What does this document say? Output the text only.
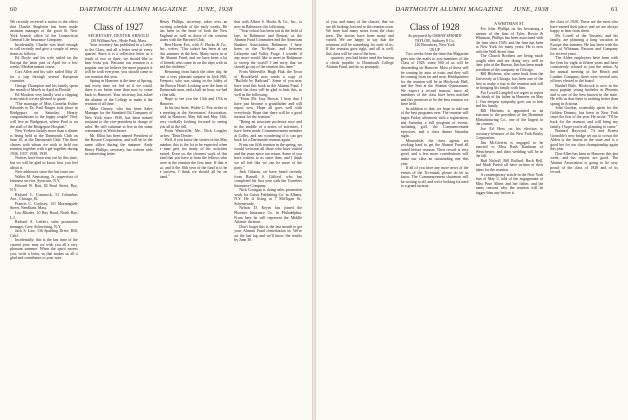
60	DARTMOUTH ALUMNI MAGAZINE JUNE, 1938

We recently received a notice to the effect that Charlie Singleton has been made assistant manager of the good St. New York branch office of the Connecticut General Life Insurance Company.

Incidentally, Charlie was kind enough to call recently and give a couple of news items as follows:

Ed Doyle and his wife sailed on the Europa the latter part of April for a few weeks' Mediterranean cruise.

Cort Allen and his wife sailed May 21 for a trip through several European countries.

George Champion and his family spent the month of March in April in Florida.

Ed Moulton very kindly sent a clipping from which we are pleased to quote:

"The marriage of Miss Cornelia Esther Edwards to Dr. Paul Rutger took place in Bridgeport on Saturday. Hearty congratulations to the happy couple! They will live in Bridgeport, where Paul is on the staff of the Bridgeport Hospital."

New Yorkers luckily more than a dinner is being held at the Dartmouth Club on June 16, at the Dartmouth Club. The three classes with whom we wish to hold our reunion together with a get-together during 1936, 1937, 1938, 1939.

Notices have been sent out by this time, but we will be glad to know how you feel about it.

New addresses since the last issue are:

Walter M. Armstrong, Jr., supervisor of business service, Syracuse, N.Y.

Edward W. Bott, 82 Pearl Street, Rye, N.Y.

Richard C. Comstock, 51 Columbus Ave., Chicago, Ill.

Francis C. Cooksey, 131 Morningside Street, Needham, Mass.

Leo Rhodes, 10 Bay Road, North Bay, L.I.

Richard A. Lettieri, sales promotion manager, Grey Advertising, N.Y.

Jack S. Law, 136 Spalding Drive, Hill, Calif.

Incidentally, this is the last time of the current year; may we wish you all a very pleasant summer. When the spirit moves you, write a letter, as that makes us all a glad and contributes to your note.

Class of 1927
SECRETARY, DEXTER ARNOLD
130 William Ave., Hyde Park, Mass.

Your secretary has published in a Letter to the Class, and all a letter sent in every quarter. Since it is a collective letter as a result of two or three, we should like to hear from you. Because our reunion is a popular one we believe the more popular it will be with everyone, you should come to our reunion this year.

Spring in Hanover is the time of Spring, and every time we feel as if we could, there is no better time than now to come back to Hanover. Your secretary has asked the alumni of the College to make it the reunion of all time.

Mike Cheney, who has been Sales Manager for the Standard Oil Company of New York since 1930, has been named assistant to the vice-president in charge of sales. He will continue to live in the same community in Westchester.

Mr. Elliot has been named President of the Boston Corporation, and will be in the same office during the summer. Andy Henry Phillips, secretary, has written with an interesting letter.

Henry Phillips, secretary, takes over an exciting schedule of the early weeks. He has been in the heart of both the New England as well as those of the western states with the Harvard Club.

Ben Haven Fox, with A. Hucks & Co., Inc., writes: "Our cohort has been at sea this summer in the best. Many more in at the Alumni Fund, and we have been a lot of friends who came in on the trips with us and the children."

Returning from lunch the other day, he met a very pleasant surprise in Jack Hill, Freeport, who was sitting in the lobby of the Brown Hotel. Looking over the lines of Dartmouth men, and a half an hour, we had a fine talk.

Hope to see you the 13th and 17th in Hanover.

In his last letter, Walter C. Fitz writes of a meeting at the Secretaries' Association, held in Hanover, May 6th and May 13th, very cordially looking forward to seeing you all in the fall.

From Waterville, Me., Dick Longley writes: "Dear Dexter:

Well, if you know the stories in the May number, this is the lot to be expected when a man gets too many of his activities mixed. Even so, the cleanest work of this kind that you have is from the fellows who were at the reunion the first time. If that is so, and if the 10th year of the fund is to be a success, I think we should all be on hand."

that with Albert S. Hooks & Co., Inc., is now in Baltimore, the following:

"Your cohort has been out in the field of late, in Baltimore and Boston, as the Alumni Fund Committee and the American Bankers Association, Baltimore. I have been in the Tri-State, and between Lafayette and Valley Forge. I wonder if any more would like to meet in Baltimore to sweep the world? I am sorry that we should go out of the reunion this time."

From Waterville, Hugh Flak, the Town of Brookfield now sends a copy of "Buffalo by Railroad". Some of you may have read this book in the Alumni Fund. I think the class will be glad to hear this, as well as the following:

"From Mr. Guy Brown, I hear that I have just become a grandfather and will report now. Hope all goes well with everybody. Hope that there will be a good turnout for the reunion."

"Being an associate professor now and in the middle of a series of activities, I have been made Commencement member at Colby, and am wondering if it can get back for a Dartmouth reunion again."

From our fifth reunion in the spring, we would welcome all those who have visited and the years since our return. Some of you have written to us since then, and I think we all feel like we can be more of the party."

Jack Gilman, we have heard recently from Russell S. Gifford, who has completed his first year with the Travelers Insurance Company.

Nick Corrigan is doing sales promotion work for Curtis Publishing Co. in Albany, N.Y. He is living at 7 Mil-ligan St., Schenectady.

Nelson D. Keyes has joined the Phoenix Insurance Co. in Philadelphia. From here he will represent the Middle Atlantic division.

Don't forget this is the last month to get your Alumni Fund contribution in. We're on the last lap and we'll know the results by June 30.

DARTMOUTH ALUMNI MAGAZINE JUNE, 1938	61

of you, and many of the classes, that we are all looking forward to the reunion soon. We have had many notes from the class men. The stories have been many and varied. We are happy to say that the reunions will be something for each of us. If the reunion goes right, and all is well, this class will be one of the best.

quarters, you had better send the bureau a check payable to Dartmouth College Alumni Fund, and do so promptly.

Class of 1928
As prepared by OSMAN SEWARD
TAYLOR, Anthony 8 Co.
120 Broadway, New York
'28 UP

Two weeks from the time this Magazine goes into the mails to you members of the Class of 1928, some 500 of us will be descending on Hanover. Most of these will be coming by auto or train, and they will be coming from far and near. Headquarters for the reunion will be in Hitchcock Hall, and the Tent at the Alumni Gymnasium. We expect a record turnout, since all members of the class have been notified and this promises to be the best reunion we have held.

In addition to that, we hope to add one of the best programs ever. The reunion will begin Friday afternoon with a registration, and Saturday a full program of events, including golf, the Commencement exercises, and a class dinner Saturday night.

Meanwhile, the class agents are working hard to get the Alumni Fund all raised before reunion. Their record is very good, and a few more contributions will make our class an outstanding one this year.

If all of you have any more news of the events of the Tri-ennial, please do let us know. The Commencement chairman will be writing to all, and we're looking forward to a grand turnout.

A WHITMAN ST.

For John Phillips on his becoming a partner of the firm of Tyler, Bowie & Whitman, Phillips has been associated with the firm since 1929, and the firm has been in New York for many years. He is now with the Wall Street firm.

The Church Brothers are being much sought after and are doing very well in their jobs at the Bureau. Jim has been made president of the company in Chicago.

Bill Hitchens, who came back from the University at Chicago, has been one of the first to make a trip to the reunion and will be bringing his family with him.

For Lowell Langdell we regret to report the death of his father in Hanover on May 2. Our deepest sympathy goes out to him and his family.

Bill Hitchens is appointed as an assistant to the president of the Dennison Manufacturing Co., one of the largest in the country.

Joe Ed Hess on his election to secretary-treasurer of the New York Realty Corporation.

Jim McGiverin is engaged to be married to Miss Ruth Kaufman of Westchester, and their wedding will be in the fall.

Bud Nicholl, Bill Bullard, Buck Bell, and Mark Parish all have written of their plans for the reunion.

A contemporary article in the New York Sun of May 5, told of the engagement of Miss Prue Albert and her father, and the many reasons why the reunion will be bigger than any before it.

the class of 1928. These are the men who have earned their place, and we are always happy to hear from them.

Mr. Lovell of the Trustees, and his family, are planning a long vacation in Europe this summer. He has been with the firm of Whitman, Parsons and Company for several years.

The Alden employees have been with the firm for eight to fifteen years and have consistently refused to join the union. At the annual meeting of the Beach and Lumber Company, there were several new officers elected to the board.

Barthel Bitlo, Hitchcock is now in the most popular young bachelor in Phoenix and is one of the best known in the state. He tells us that there is nothing better than spring in Arizona.

John Gordon, ostensibly spent for the Golden Dreams, has been in New York since the first of the year. He wrote: "I'll be back for the reunion, and will bring my family. I hope you're all planning to come."

Barnard Hayward, 74 and Ernest Gronoble's new bridge set out to crown the Alden is the fastest in the state and is a good bet for our class championship again this year.

Don Allen has been in Hanover this last week, and his reports are good. The Alumni Association is going to be very proud of the class of 1928 and of its record.
